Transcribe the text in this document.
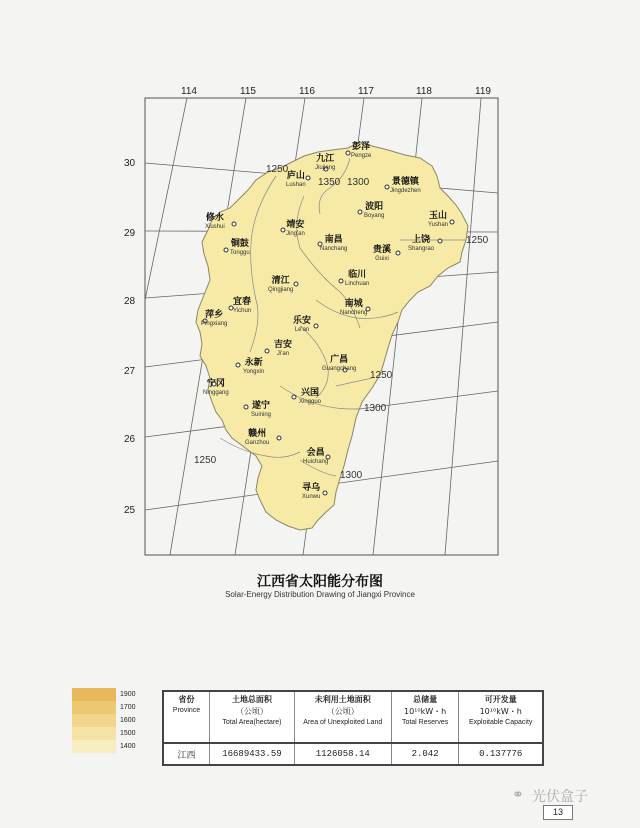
114	115	116	117	118	119
30
29
28
27
26
25
彭泽
Pengze
九江
Jiujiang
庐山
Lushan	景德镇
Jingdezhen
波阳
Boyang
修水
Xiushui	靖安
Jing'an
南昌
Nanchang
玉山
Yushan
上饶
Shangrao
贵溪
Guixi
铜鼓
Tonggu
清江
Qingjiang
临川
Linchuan
宜春
Yichun
萍乡
Pingxiang
南城
Nancheng
乐安
Le'an
吉安
Ji'an
永新
Yongxin
广昌
Guangchang
宁冈
Ninggang	兴国
Xingguo
遂宁
Suining
赣州
Ganzhou
会昌
Huichang
寻乌
Xunwu
1250
1350 1300
1250
1250
1300
1250
1300
江西省太阳能分布图
Solar-Energy Distribution Drawing of Jiangxi Province
1900
1700
1600
1500
1400
省份
Province	土地总面积
（公顷）
Total Area(hectare)	未利用土地面积
（公顷）
Area of Unexploited Land	总储量
10¹⁰kW・h
Total Reserves	可开发量
10¹⁰kW・h
Exploitable Capacity

江西	16689433.59	1126058.14	2.042	0.137776
⚭ 光伏盒子
13
